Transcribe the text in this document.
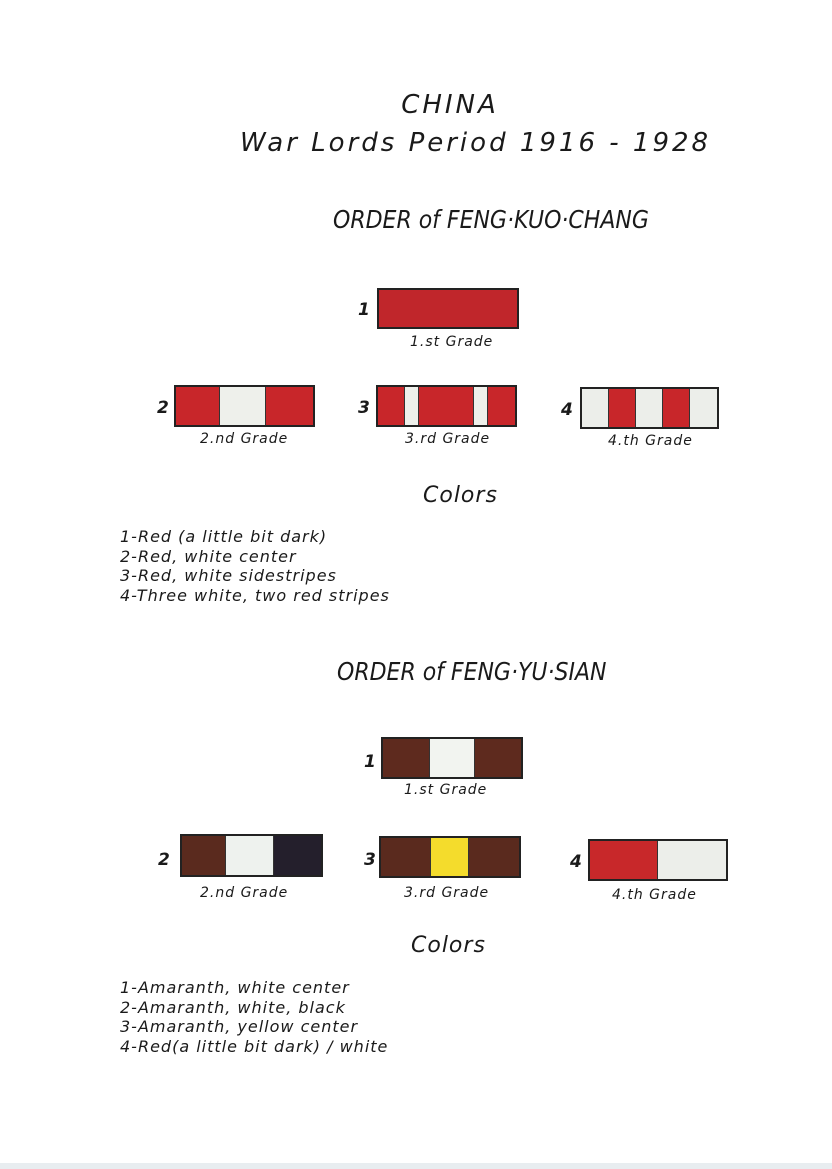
CHINA
War Lords Period 1916 - 1928
ORDER of FENG·KUO·CHANG
1
1.st Grade
2
2.nd Grade
3
3.rd Grade
4
4.th Grade
Colors
1-Red (a little bit dark)
2-Red, white center
3-Red, white sidestripes
4-Three white, two red stripes
ORDER of FENG·YU·SIAN
1
1.st Grade
2
2.nd Grade
3
3.rd Grade
4
4.th Grade
Colors
1-Amaranth, white center
2-Amaranth, white, black
3-Amaranth, yellow center
4-Red(a little bit dark) / white
